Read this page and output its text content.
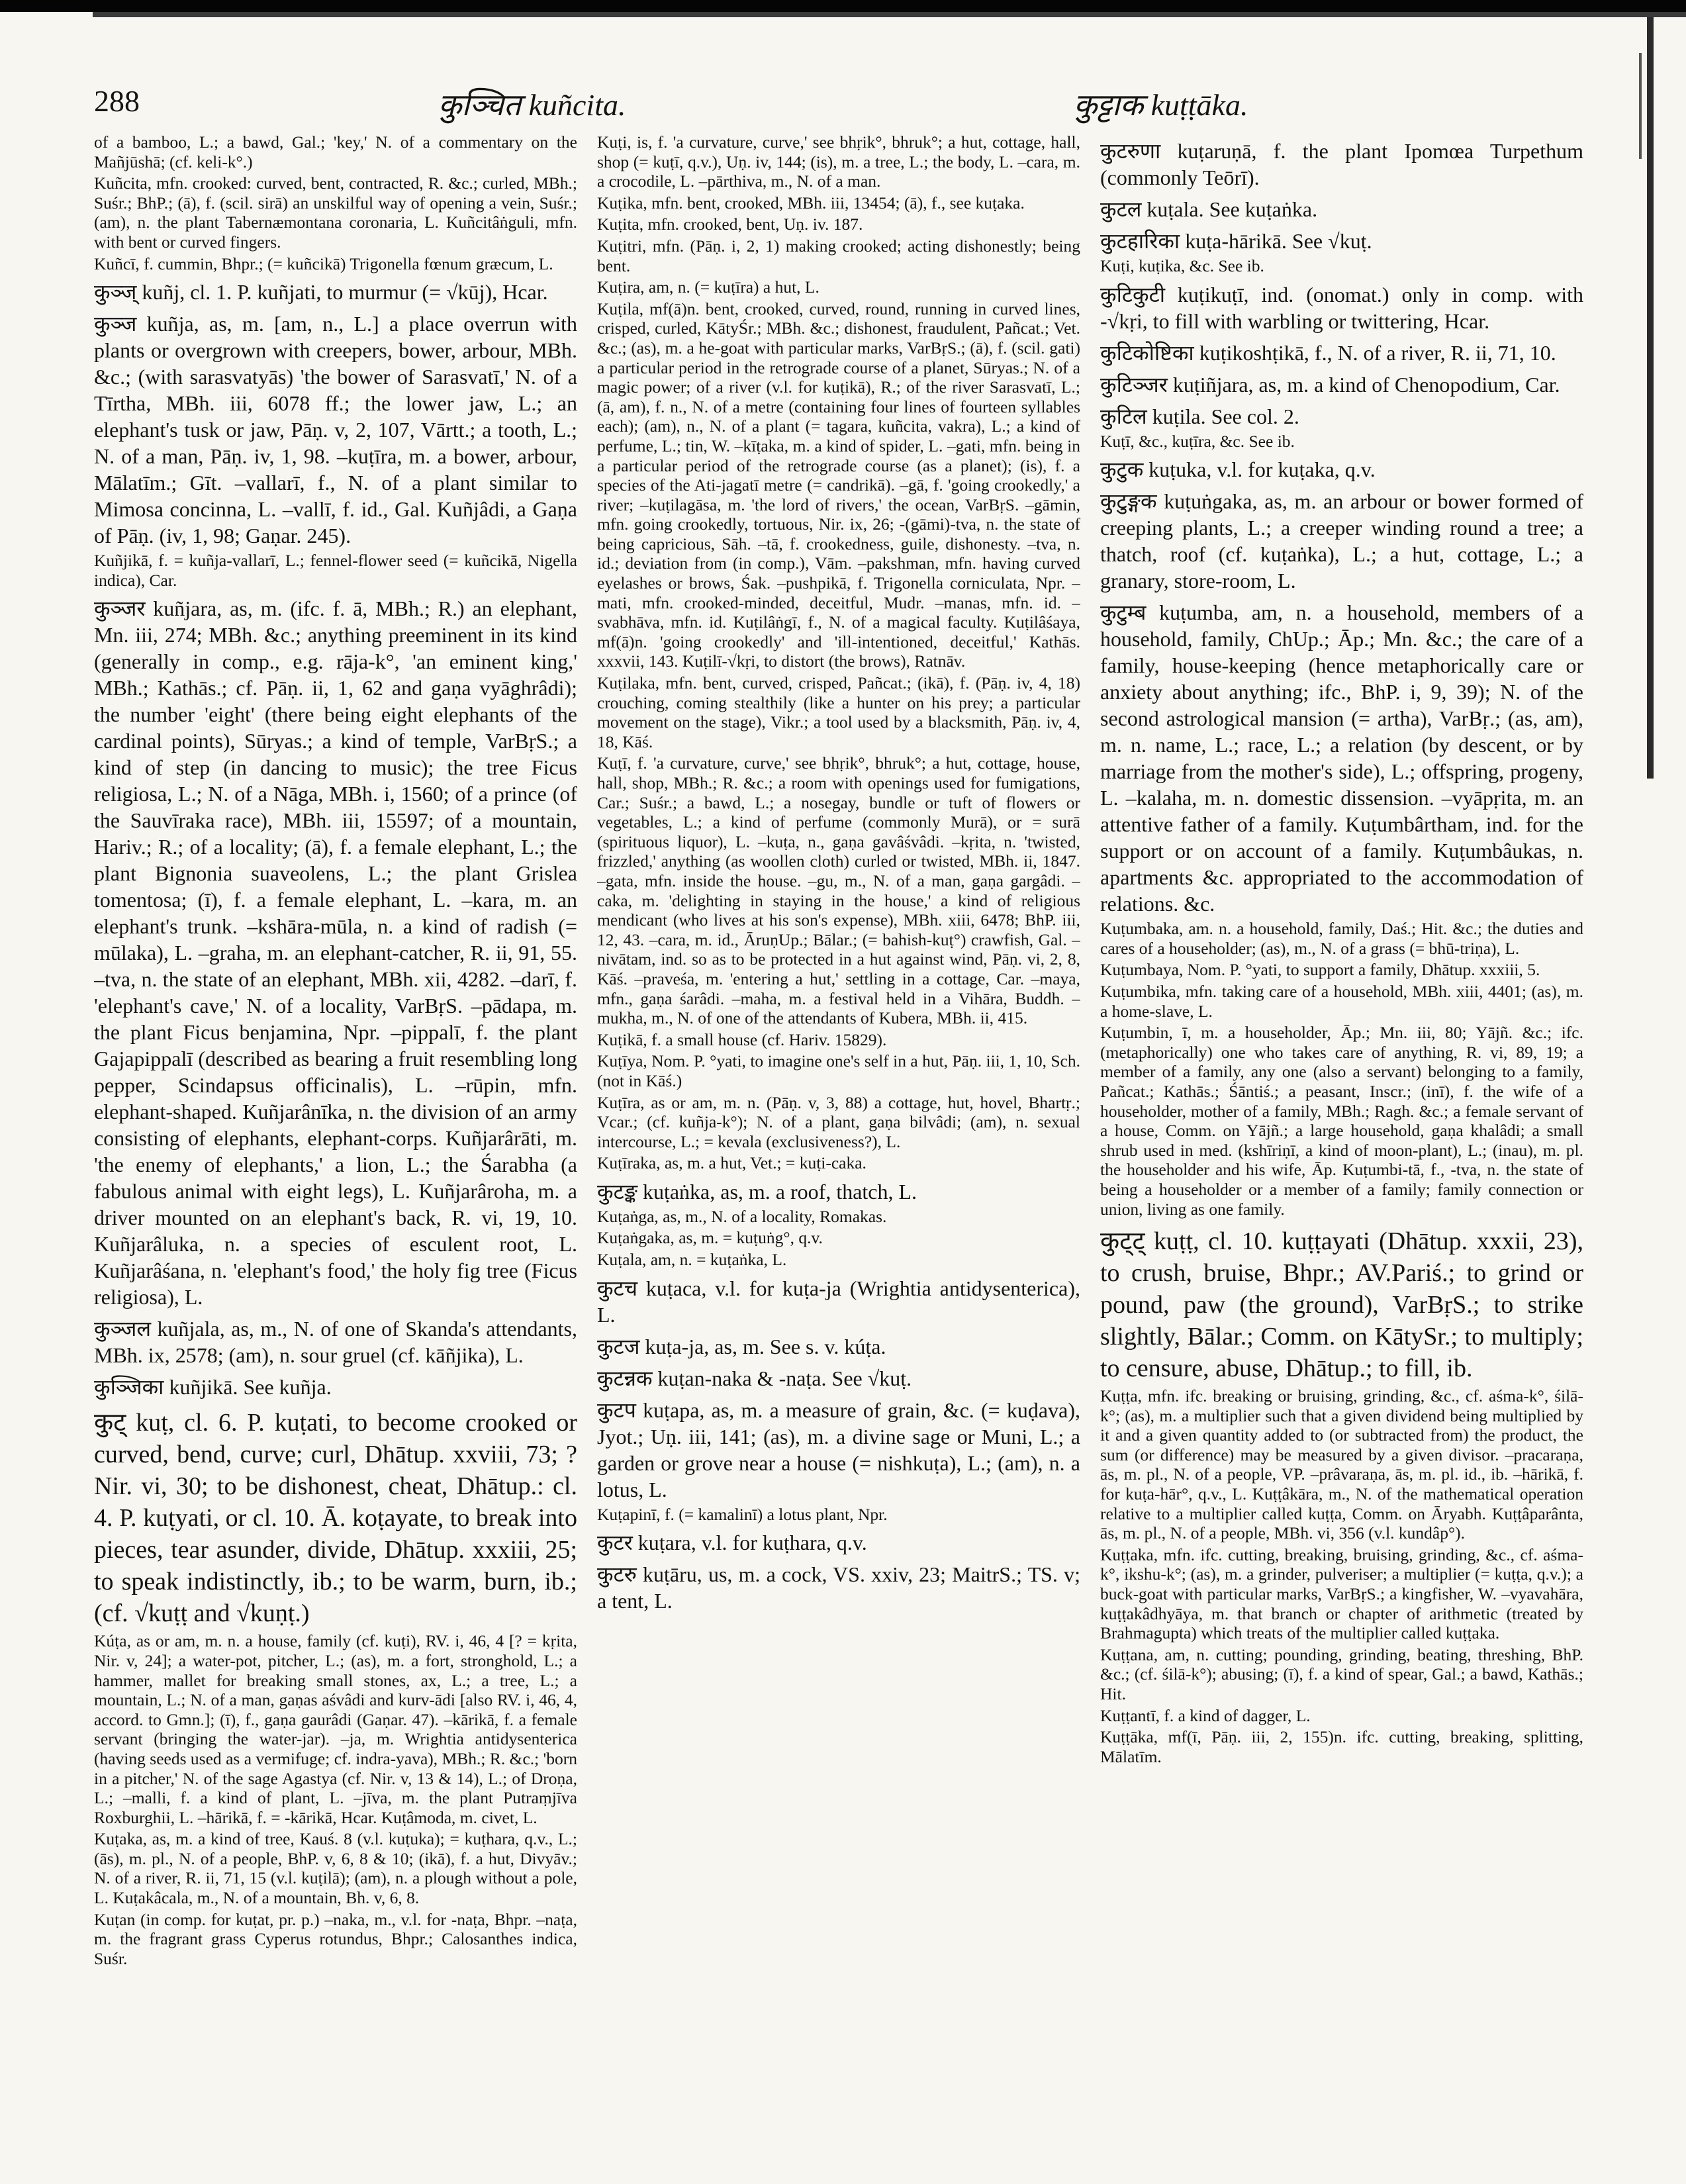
288	कुञ्चित kuñcita.	कुट्टाक kuṭṭāka.

of a bamboo, L.; a bawd, Gal.; 'key,' N. of a commentary on the Mañjūshā; (cf. keli-k°.)

Kuñcita, mfn. crooked: curved, bent, contracted, R. &c.; curled, MBh.; Suśr.; BhP.; (ā), f. (scil. sirā) an unskilful way of opening a vein, Suśr.; (am), n. the plant Tabernæmontana coronaria, L. Kuñcitâṅguli, mfn. with bent or curved fingers.

Kuñcī, f. cummin, Bhpr.; (= kuñcikā) Trigonella fœnum græcum, L.

कुञ्ज् kuñj, cl. 1. P. kuñjati, to murmur (= √kūj), Hcar.

कुञ्ज kuñja, as, m. [am, n., L.] a place overrun with plants or overgrown with creepers, bower, arbour, MBh. &c.; (with sarasvatyās) 'the bower of Sarasvatī,' N. of a Tīrtha, MBh. iii, 6078 ff.; the lower jaw, L.; an elephant's tusk or jaw, Pāṇ. v, 2, 107, Vārtt.; a tooth, L.; N. of a man, Pāṇ. iv, 1, 98. –kuṭīra, m. a bower, arbour, Mālatīm.; Gīt. –vallarī, f., N. of a plant similar to Mimosa concinna, L. –vallī, f. id., Gal. Kuñjâdi, a Gaṇa of Pāṇ. (iv, 1, 98; Gaṇar. 245).

Kuñjikā, f. = kuñja-vallarī, L.; fennel-flower seed (= kuñcikā, Nigella indica), Car.

कुञ्जर kuñjara, as, m. (ifc. f. ā, MBh.; R.) an elephant, Mn. iii, 274; MBh. &c.; anything preeminent in its kind (generally in comp., e.g. rāja-k°, 'an eminent king,' MBh.; Kathās.; cf. Pāṇ. ii, 1, 62 and gaṇa vyāghrâdi); the number 'eight' (there being eight elephants of the cardinal points), Sūryas.; a kind of temple, VarBṛS.; a kind of step (in dancing to music); the tree Ficus religiosa, L.; N. of a Nāga, MBh. i, 1560; of a prince (of the Sauvīraka race), MBh. iii, 15597; of a mountain, Hariv.; R.; of a locality; (ā), f. a female elephant, L.; the plant Bignonia suaveolens, L.; the plant Grislea tomentosa; (ī), f. a female elephant, L. –kara, m. an elephant's trunk. –kshāra-mūla, n. a kind of radish (= mūlaka), L. –graha, m. an elephant-catcher, R. ii, 91, 55. –tva, n. the state of an elephant, MBh. xii, 4282. –darī, f. 'elephant's cave,' N. of a locality, VarBṛS. –pādapa, m. the plant Ficus benjamina, Npr. –pippalī, f. the plant Gajapippalī (described as bearing a fruit resembling long pepper, Scindapsus officinalis), L. –rūpin, mfn. elephant-shaped. Kuñjarânīka, n. the division of an army consisting of elephants, elephant-corps. Kuñjarârāti, m. 'the enemy of elephants,' a lion, L.; the Śarabha (a fabulous animal with eight legs), L. Kuñjarâroha, m. a driver mounted on an elephant's back, R. vi, 19, 10. Kuñjarâluka, n. a species of esculent root, L. Kuñjarâśana, n. 'elephant's food,' the holy fig tree (Ficus religiosa), L.

कुञ्जल kuñjala, as, m., N. of one of Skanda's attendants, MBh. ix, 2578; (am), n. sour gruel (cf. kāñjika), L.

कुञ्जिका kuñjikā. See kuñja.

कुट् kuṭ, cl. 6. P. kuṭati, to become crooked or curved, bend, curve; curl, Dhātup. xxviii, 73; ?Nir. vi, 30; to be dishonest, cheat, Dhātup.: cl. 4. P. kuṭyati, or cl. 10. Ā. koṭayate, to break into pieces, tear asunder, divide, Dhātup. xxxiii, 25; to speak indistinctly, ib.; to be warm, burn, ib.; (cf. √kuṭṭ and √kuṇṭ.)

Kúṭa, as or am, m. n. a house, family (cf. kuṭi), RV. i, 46, 4 [? = kṛita, Nir. v, 24]; a water-pot, pitcher, L.; (as), m. a fort, stronghold, L.; a hammer, mallet for breaking small stones, ax, L.; a tree, L.; a mountain, L.; N. of a man, gaṇas aśvâdi and kurv-ādi [also RV. i, 46, 4, accord. to Gmn.]; (ī), f., gaṇa gaurâdi (Gaṇar. 47). –kārikā, f. a female servant (bringing the water-jar). –ja, m. Wrightia antidysenterica (having seeds used as a vermifuge; cf. indra-yava), MBh.; R. &c.; 'born in a pitcher,' N. of the sage Agastya (cf. Nir. v, 13 & 14), L.; of Droṇa, L.; –malli, f. a kind of plant, L. –jīva, m. the plant Putraṃjīva Roxburghii, L. –hārikā, f. = -kārikā, Hcar. Kuṭâmoda, m. civet, L.

Kuṭaka, as, m. a kind of tree, Kauś. 8 (v.l. kuṭuka); = kuṭhara, q.v., L.; (ās), m. pl., N. of a people, BhP. v, 6, 8 & 10; (ikā), f. a hut, Divyāv.; N. of a river, R. ii, 71, 15 (v.l. kuṭilā); (am), n. a plough without a pole, L. Kuṭakâcala, m., N. of a mountain, Bh. v, 6, 8.

Kuṭan (in comp. for kuṭat, pr. p.) –naka, m., v.l. for -naṭa, Bhpr. –naṭa, m. the fragrant grass Cyperus rotundus, Bhpr.; Calosanthes indica, Suśr.

Kuṭi, is, f. 'a curvature, curve,' see bhṛik°, bhruk°; a hut, cottage, hall, shop (= kuṭī, q.v.), Uṇ. iv, 144; (is), m. a tree, L.; the body, L. –cara, m. a crocodile, L. –pārthiva, m., N. of a man.

Kuṭika, mfn. bent, crooked, MBh. iii, 13454; (ā), f., see kuṭaka.

Kuṭita, mfn. crooked, bent, Uṇ. iv. 187.

Kuṭitri, mfn. (Pāṇ. i, 2, 1) making crooked; acting dishonestly; being bent.

Kuṭira, am, n. (= kuṭīra) a hut, L.

Kuṭila, mf(ā)n. bent, crooked, curved, round, running in curved lines, crisped, curled, KātyŚr.; MBh. &c.; dishonest, fraudulent, Pañcat.; Vet. &c.; (as), m. a he-goat with particular marks, VarBṛS.; (ā), f. (scil. gati) a particular period in the retrograde course of a planet, Sūryas.; N. of a magic power; of a river (v.l. for kuṭikā), R.; of the river Sarasvatī, L.; (ā, am), f. n., N. of a metre (containing four lines of fourteen syllables each); (am), n., N. of a plant (= tagara, kuñcita, vakra), L.; a kind of perfume, L.; tin, W. –kīṭaka, m. a kind of spider, L. –gati, mfn. being in a particular period of the retrograde course (as a planet); (is), f. a species of the Ati-jagatī metre (= candrikā). –gā, f. 'going crookedly,' a river; –kuṭilagāsa, m. 'the lord of rivers,' the ocean, VarBṛS. –gāmin, mfn. going crookedly, tortuous, Nir. ix, 26; -(gāmi)-tva, n. the state of being capricious, Sāh. –tā, f. crookedness, guile, dishonesty. –tva, n. id.; deviation from (in comp.), Vām. –pakshman, mfn. having curved eyelashes or brows, Śak. –pushpikā, f. Trigonella corniculata, Npr. –mati, mfn. crooked-minded, deceitful, Mudr. –manas, mfn. id. –svabhāva, mfn. id. Kuṭilâṅgī, f., N. of a magical faculty. Kuṭilâśaya, mf(ā)n. 'going crookedly' and 'ill-intentioned, deceitful,' Kathās. xxxvii, 143. Kuṭilī-√kṛi, to distort (the brows), Ratnāv.

Kuṭilaka, mfn. bent, curved, crisped, Pañcat.; (ikā), f. (Pāṇ. iv, 4, 18) crouching, coming stealthily (like a hunter on his prey; a particular movement on the stage), Vikr.; a tool used by a blacksmith, Pāṇ. iv, 4, 18, Kāś.

Kuṭī, f. 'a curvature, curve,' see bhṛik°, bhruk°; a hut, cottage, house, hall, shop, MBh.; R. &c.; a room with openings used for fumigations, Car.; Suśr.; a bawd, L.; a nosegay, bundle or tuft of flowers or vegetables, L.; a kind of perfume (commonly Murā), or = surā (spirituous liquor), L. –kuṭa, n., gaṇa gavâśvâdi. –kṛita, n. 'twisted, frizzled,' anything (as woollen cloth) curled or twisted, MBh. ii, 1847. –gata, mfn. inside the house. –gu, m., N. of a man, gaṇa gargâdi. –caka, m. 'delighting in staying in the house,' a kind of religious mendicant (who lives at his son's expense), MBh. xiii, 6478; BhP. iii, 12, 43. –cara, m. id., ĀruṇUp.; Bālar.; (= bahish-kuṭ°) crawfish, Gal. –nivātam, ind. so as to be protected in a hut against wind, Pāṇ. vi, 2, 8, Kāś. –praveśa, m. 'entering a hut,' settling in a cottage, Car. –maya, mfn., gaṇa śarâdi. –maha, m. a festival held in a Vihāra, Buddh. –mukha, m., N. of one of the attendants of Kubera, MBh. ii, 415.

Kuṭikā, f. a small house (cf. Hariv. 15829).

Kuṭīya, Nom. P. °yati, to imagine one's self in a hut, Pāṇ. iii, 1, 10, Sch. (not in Kāś.)

Kuṭīra, as or am, m. n. (Pāṇ. v, 3, 88) a cottage, hut, hovel, Bhartṛ.; Vcar.; (cf. kuñja-k°); N. of a plant, gaṇa bilvâdi; (am), n. sexual intercourse, L.; = kevala (exclusiveness?), L.

Kuṭīraka, as, m. a hut, Vet.; = kuṭi-caka.

कुटङ्क kuṭaṅka, as, m. a roof, thatch, L.

Kuṭaṅga, as, m., N. of a locality, Romakas.

Kuṭaṅgaka, as, m. = kuṭuṅg°, q.v.

Kuṭala, am, n. = kuṭaṅka, L.

कुटच kuṭaca, v.l. for kuṭa-ja (Wrightia antidysenterica), L.

कुटज kuṭa-ja, as, m. See s. v. kúṭa.

कुटन्नक kuṭan-naka & -naṭa. See √kuṭ.

कुटप kuṭapa, as, m. a measure of grain, &c. (= kuḍava), Jyot.; Uṇ. iii, 141; (as), m. a divine sage or Muni, L.; a garden or grove near a house (= nishkuṭa), L.; (am), n. a lotus, L.

Kuṭapinī, f. (= kamalinī) a lotus plant, Npr.

कुटर kuṭara, v.l. for kuṭhara, q.v.

कुटरु kuṭāru, us, m. a cock, VS. xxiv, 23; MaitrS.; TS. v; a tent, L.

कुटरुणा kuṭaruṇā, f. the plant Ipomœa Turpethum (commonly Teōrī).

कुटल kuṭala. See kuṭaṅka.

कुटहारिका kuṭa-hārikā. See √kuṭ.

Kuṭi, kuṭika, &c. See ib.

कुटिकुटी kuṭikuṭī, ind. (onomat.) only in comp. with -√kṛi, to fill with warbling or twittering, Hcar.

कुटिकोष्टिका kuṭikoshṭikā, f., N. of a river, R. ii, 71, 10.

कुटिञ्जर kuṭiñjara, as, m. a kind of Chenopodium, Car.

कुटिल kuṭila. See col. 2.

Kuṭī, &c., kuṭīra, &c. See ib.

कुटुक kuṭuka, v.l. for kuṭaka, q.v.

कुटुङ्गक kuṭuṅgaka, as, m. an arbour or bower formed of creeping plants, L.; a creeper winding round a tree; a thatch, roof (cf. kuṭaṅka), L.; a hut, cottage, L.; a granary, store-room, L.

कुटुम्ब kuṭumba, am, n. a household, members of a household, family, ChUp.; Āp.; Mn. &c.; the care of a family, house-keeping (hence metaphorically care or anxiety about anything; ifc., BhP. i, 9, 39); N. of the second astrological mansion (= artha), VarBṛ.; (as, am), m. n. name, L.; race, L.; a relation (by descent, or by marriage from the mother's side), L.; offspring, progeny, L. –kalaha, m. n. domestic dissension. –vyāpṛita, m. an attentive father of a family. Kuṭumbârtham, ind. for the support or on account of a family. Kuṭumbâukas, n. apartments &c. appropriated to the accommodation of relations. &c.

Kuṭumbaka, am. n. a household, family, Daś.; Hit. &c.; the duties and cares of a householder; (as), m., N. of a grass (= bhū-triṇa), L.

Kuṭumbaya, Nom. P. °yati, to support a family, Dhātup. xxxiii, 5.

Kuṭumbika, mfn. taking care of a household, MBh. xiii, 4401; (as), m. a home-slave, L.

Kuṭumbin, ī, m. a householder, Āp.; Mn. iii, 80; Yājñ. &c.; ifc. (metaphorically) one who takes care of anything, R. vi, 89, 19; a member of a family, any one (also a servant) belonging to a family, Pañcat.; Kathās.; Śāntiś.; a peasant, Inscr.; (inī), f. the wife of a householder, mother of a family, MBh.; Ragh. &c.; a female servant of a house, Comm. on Yājñ.; a large household, gaṇa khalâdi; a small shrub used in med. (kshīriṇī, a kind of moon-plant), L.; (inau), m. pl. the householder and his wife, Āp. Kuṭumbi-tā, f., -tva, n. the state of being a householder or a member of a family; family connection or union, living as one family.

कुट्ट् kuṭṭ, cl. 10. kuṭṭayati (Dhātup. xxxii, 23), to crush, bruise, Bhpr.; AV.Pariś.; to grind or pound, paw (the ground), VarBṛS.; to strike slightly, Bālar.; Comm. on KātySr.; to multiply; to censure, abuse, Dhātup.; to fill, ib.

Kuṭṭa, mfn. ifc. breaking or bruising, grinding, &c., cf. aśma-k°, śilā-k°; (as), m. a multiplier such that a given dividend being multiplied by it and a given quantity added to (or subtracted from) the product, the sum (or difference) may be measured by a given divisor. –pracaraṇa, ās, m. pl., N. of a people, VP. –prâvaraṇa, ās, m. pl. id., ib. –hārikā, f. for kuṭa-hār°, q.v., L. Kuṭṭâkāra, m., N. of the mathematical operation relative to a multiplier called kuṭṭa, Comm. on Āryabh. Kuṭṭâparânta, ās, m. pl., N. of a people, MBh. vi, 356 (v.l. kundâp°).

Kuṭṭaka, mfn. ifc. cutting, breaking, bruising, grinding, &c., cf. aśma-k°, ikshu-k°; (as), m. a grinder, pulveriser; a multiplier (= kuṭṭa, q.v.); a buck-goat with particular marks, VarBṛS.; a kingfisher, W. –vyavahāra, kuṭṭakâdhyāya, m. that branch or chapter of arithmetic (treated by Brahmagupta) which treats of the multiplier called kuṭṭaka.

Kuṭṭana, am, n. cutting; pounding, grinding, beating, threshing, BhP. &c.; (cf. śilā-k°); abusing; (ī), f. a kind of spear, Gal.; a bawd, Kathās.; Hit.

Kuṭṭantī, f. a kind of dagger, L.

Kuṭṭāka, mf(ī, Pāṇ. iii, 2, 155)n. ifc. cutting, breaking, splitting, Mālatīm.
